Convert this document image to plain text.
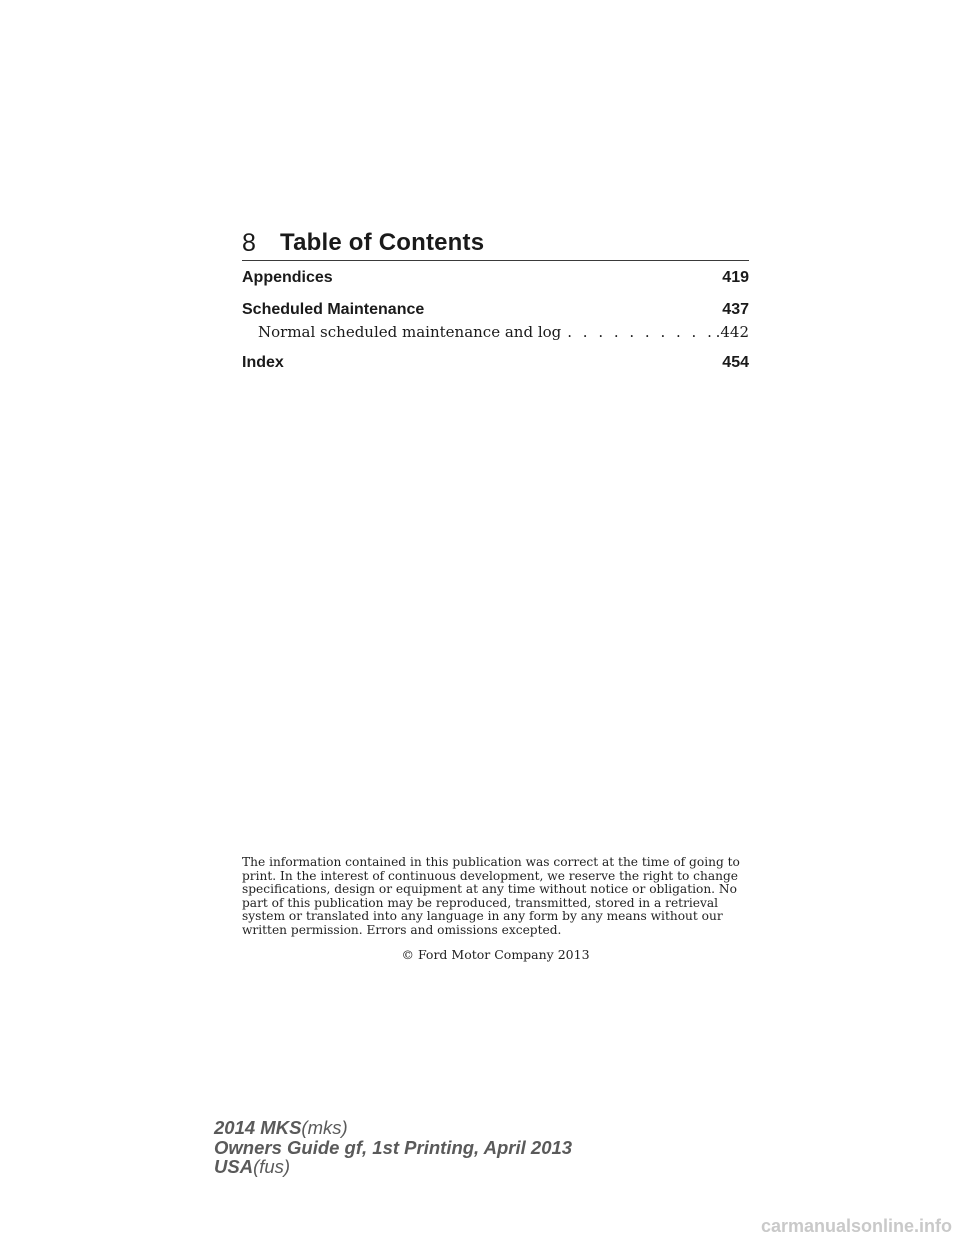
8 Table of Contents
Appendices	419
Scheduled Maintenance	437
Normal scheduled maintenance and log . . .	.442
Index	454
The information contained in this publication was correct at the time of going to
print. In the interest of continuous development, we reserve the right to change
specifications, design or equipment at any time without notice or obligation. No
part of this publication may be reproduced, transmitted, stored in a retrieval
system or translated into any language in any form by any means without our
written permission. Errors and omissions excepted.
© Ford Motor Company 2013
2014 MKS(mks)
Owners Guide gf, 1st Printing, April 2013
USA(fus)
carmanualsonline.info
